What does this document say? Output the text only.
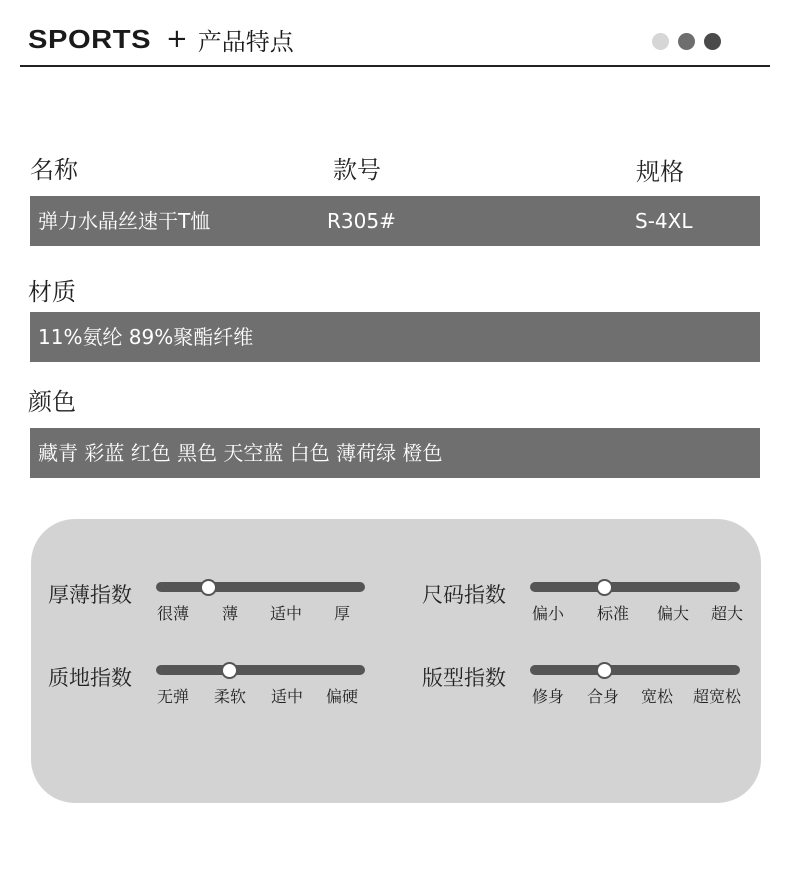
SPORTS + 产品特点
名称	款号	规格
弹力水晶丝速干T恤	R305#	S-4XL
材质
11%氨纶 89%聚酯纤维
颜色
藏青 彩蓝 红色 黑色 天空蓝 白色 薄荷绿 橙色
厚薄指数
很薄 薄 适中 厚
尺码指数
偏小 标准 偏大 超大
质地指数
无弹 柔软 适中 偏硬
版型指数
修身 合身 宽松 超宽松
